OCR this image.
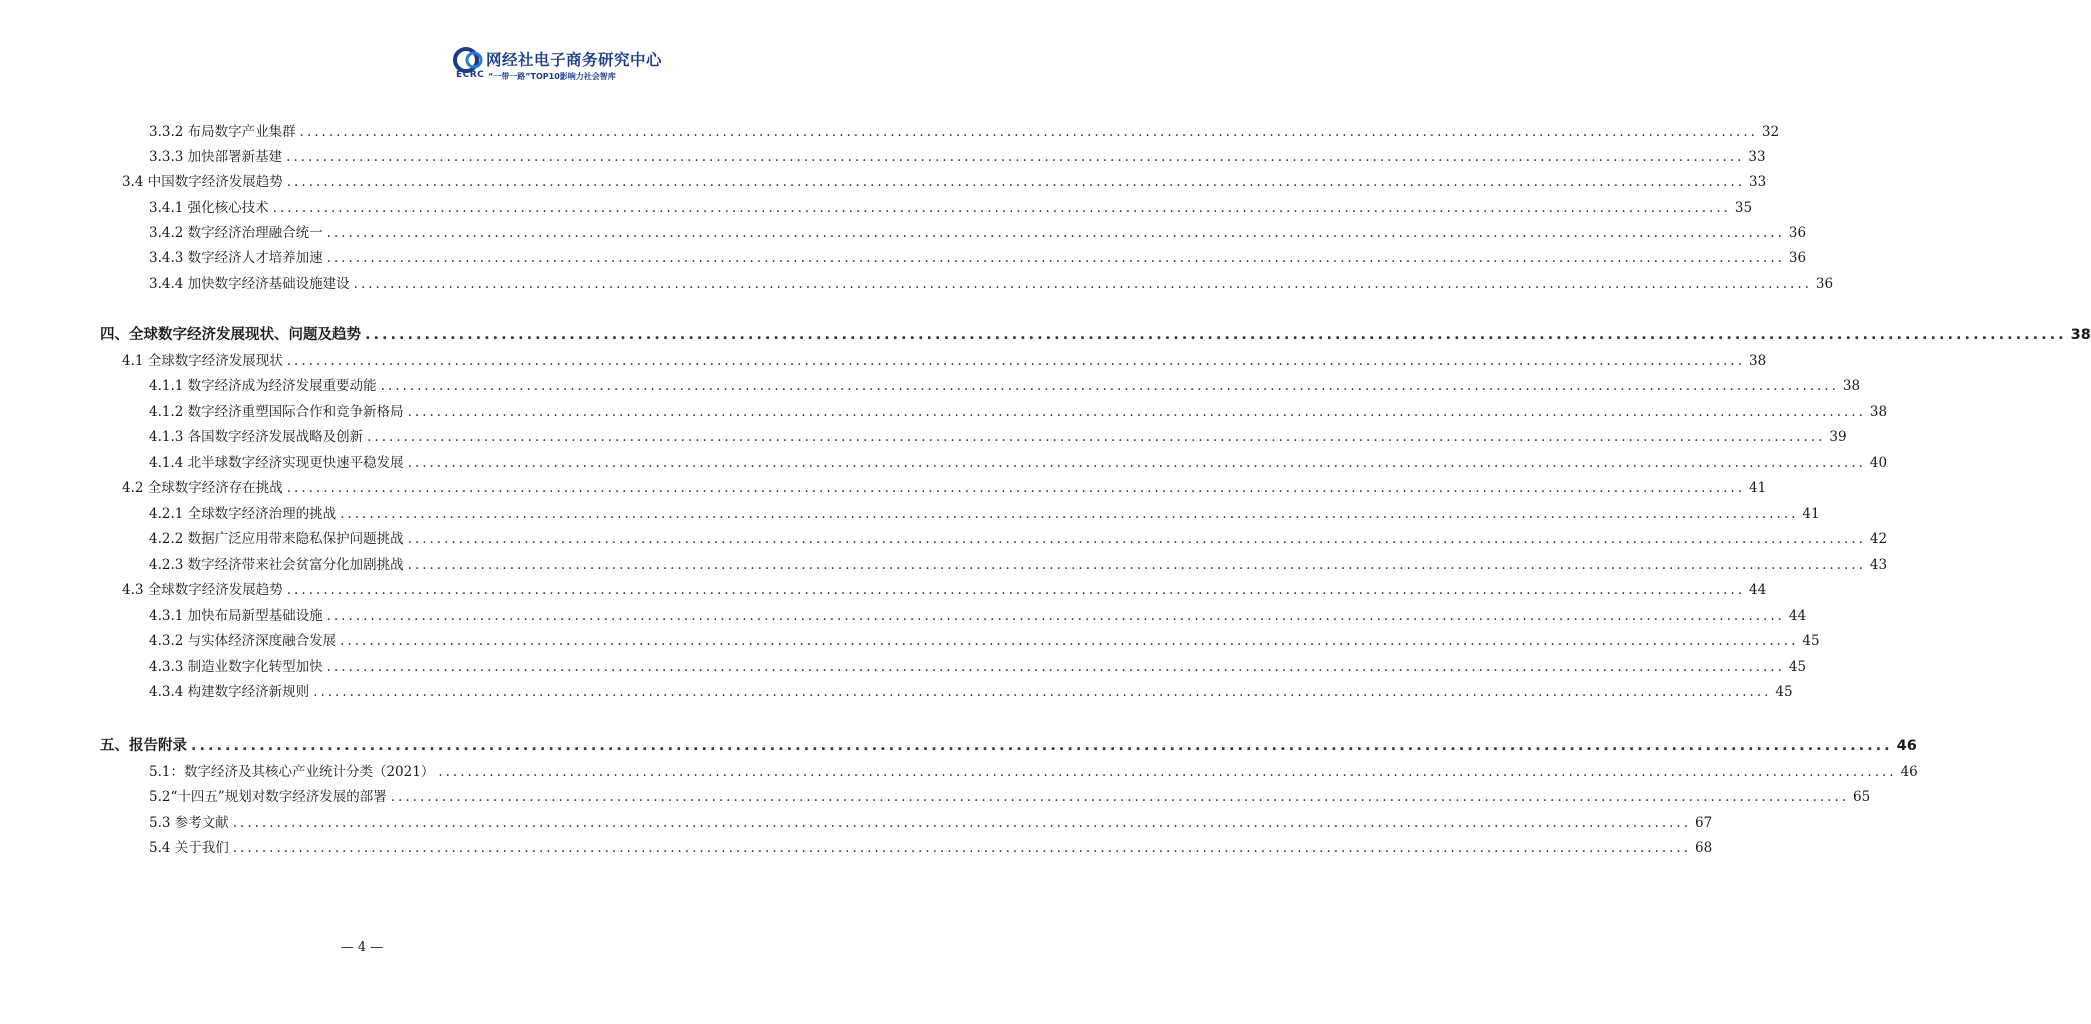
ECRC
网经社电子商务研究中心
“一带一路”TOP10影响力社会智库
3.3.2 布局数字产业集群 ........................................................................................................................................................................................................ 32
3.3.3 加快部署新基建 ........................................................................................................................................................................................................ 33
3.4 中国数字经济发展趋势 ........................................................................................................................................................................................................ 33
3.4.1 强化核心技术 ........................................................................................................................................................................................................ 35
3.4.2 数字经济治理融合统一 ........................................................................................................................................................................................................ 36
3.4.3 数字经济人才培养加速 ........................................................................................................................................................................................................ 36
3.4.4 加快数字经济基础设施建设 ........................................................................................................................................................................................................ 36
四、全球数字经济发展现状、问题及趋势 ........................................................................................................................................................................................................ 38
4.1 全球数字经济发展现状 ........................................................................................................................................................................................................ 38
4.1.1 数字经济成为经济发展重要动能 ........................................................................................................................................................................................................ 38
4.1.2 数字经济重塑国际合作和竞争新格局 ........................................................................................................................................................................................................ 38
4.1.3 各国数字经济发展战略及创新 ........................................................................................................................................................................................................ 39
4.1.4 北半球数字经济实现更快速平稳发展 ........................................................................................................................................................................................................ 40
4.2 全球数字经济存在挑战 ........................................................................................................................................................................................................ 41
4.2.1 全球数字经济治理的挑战 ........................................................................................................................................................................................................ 41
4.2.2 数据广泛应用带来隐私保护问题挑战 ........................................................................................................................................................................................................ 42
4.2.3 数字经济带来社会贫富分化加剧挑战 ........................................................................................................................................................................................................ 43
4.3 全球数字经济发展趋势 ........................................................................................................................................................................................................ 44
4.3.1 加快布局新型基础设施 ........................................................................................................................................................................................................ 44
4.3.2 与实体经济深度融合发展 ........................................................................................................................................................................................................ 45
4.3.3 制造业数字化转型加快 ........................................................................................................................................................................................................ 45
4.3.4 构建数字经济新规则 ........................................................................................................................................................................................................ 45
五、报告附录 ........................................................................................................................................................................................................ 46
5.1：数字经济及其核心产业统计分类（2021） ........................................................................................................................................................................................................ 46
5.2“十四五”规划对数字经济发展的部署 ........................................................................................................................................................................................................ 65
5.3 参考文献 ........................................................................................................................................................................................................ 67
5.4 关于我们 ........................................................................................................................................................................................................ 68
— 4 —
